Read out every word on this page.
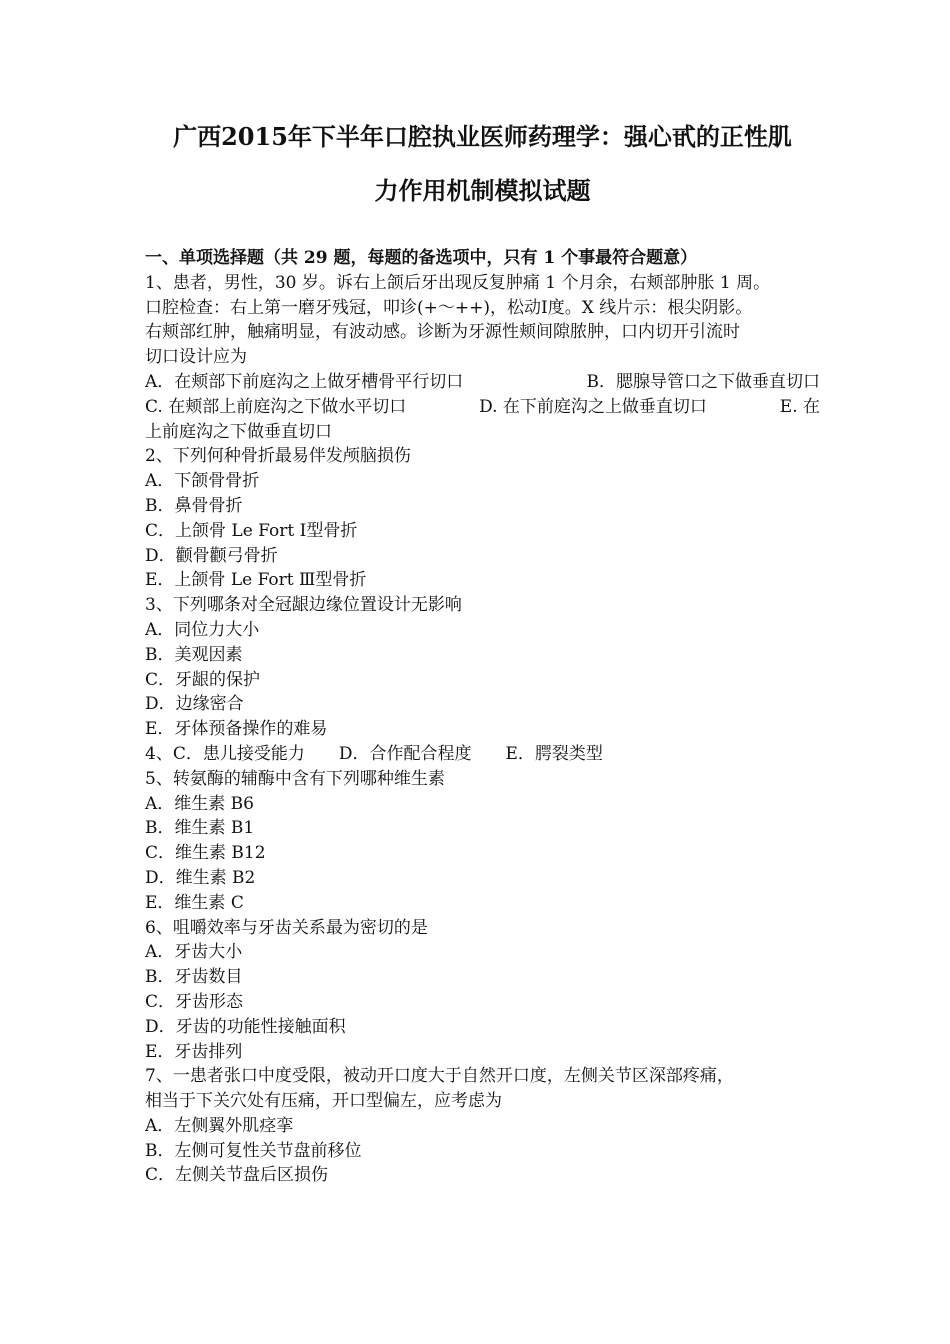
广西2015年下半年口腔执业医师药理学：强心甙的正性肌
力作用机制模拟试题

一、单项选择题（共 29 题，每题的备选项中，只有 1 个事最符合题意）

1、患者，男性，30 岁。诉右上颌后牙出现反复肿痛 1 个月余，右颊部肿胀 1 周。

口腔检查：右上第一磨牙残冠，叩诊(+～++)，松动Ⅰ度。X 线片示：根尖阴影。

右颊部红肿，触痛明显，有波动感。诊断为牙源性颊间隙脓肿，口内切开引流时

切口设计应为

A．在颊部下前庭沟之上做牙槽骨平行切口	B．腮腺导管口之下做垂直切口
C. 在颊部上前庭沟之下做水平切口	D. 在下前庭沟之上做垂直切口	E. 在

上前庭沟之下做垂直切口

2、下列何种骨折最易伴发颅脑损伤

A．下颌骨骨折

B．鼻骨骨折

C．上颌骨 Le Fort Ⅰ型骨折

D．颧骨颧弓骨折

E．上颌骨 Le Fort Ⅲ型骨折

3、下列哪条对全冠龈边缘位置设计无影响

A．同位力大小

B．美观因素

C．牙龈的保护

D．边缘密合

E．牙体预备操作的难易

4、C．患儿接受能力 D．合作配合程度 E．腭裂类型

5、转氨酶的辅酶中含有下列哪种维生素

A．维生素 B6

B．维生素 B1

C．维生素 B12

D．维生素 B2

E．维生素 C

6、咀嚼效率与牙齿关系最为密切的是

A．牙齿大小

B．牙齿数目

C．牙齿形态

D．牙齿的功能性接触面积

E．牙齿排列

7、一患者张口中度受限，被动开口度大于自然开口度，左侧关节区深部疼痛，

相当于下关穴处有压痛，开口型偏左，应考虑为

A．左侧翼外肌痉挛

B．左侧可复性关节盘前移位

C．左侧关节盘后区损伤
